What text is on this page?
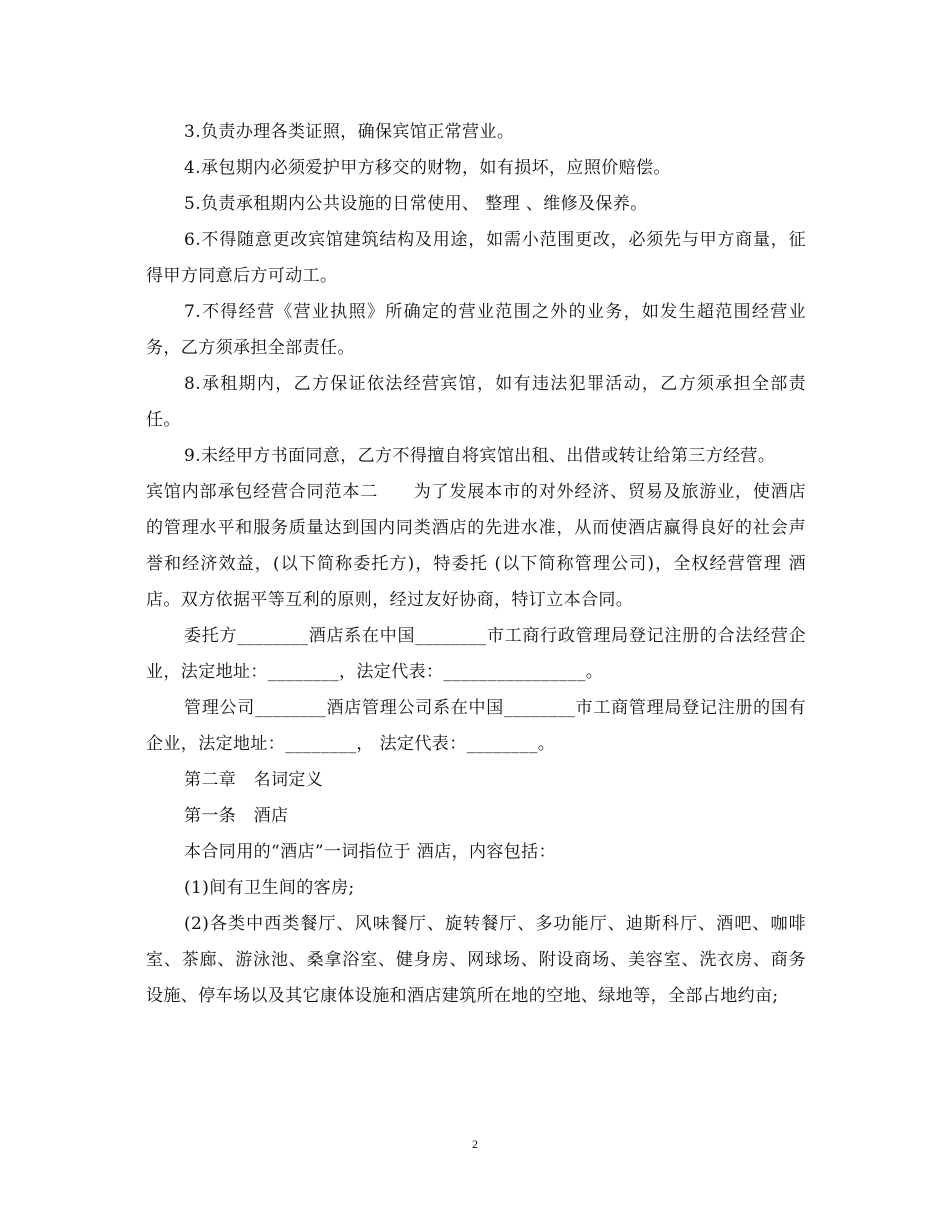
3.负责办理各类证照，确保宾馆正常营业。

4.承包期内必须爱护甲方移交的财物，如有损坏，应照价赔偿。

5.负责承租期内公共设施的日常使用、 整理 、维修及保养。

6.不得随意更改宾馆建筑结构及用途，如需小范围更改，必须先与甲方商量，征得甲方同意后方可动工。

7.不得经营《营业执照》所确定的营业范围之外的业务，如发生超范围经营业务，乙方须承担全部责任。

8.承租期内，乙方保证依法经营宾馆，如有违法犯罪活动，乙方须承担全部责任。

9.未经甲方书面同意，乙方不得擅自将宾馆出租、出借或转让给第三方经营。

宾馆内部承包经营合同范本二　　为了发展本市的对外经济、贸易及旅游业，使酒店的管理水平和服务质量达到国内同类酒店的先进水准，从而使酒店赢得良好的社会声誉和经济效益，(以下简称委托方)，特委托 (以下简称管理公司)，全权经营管理 酒店。双方依据平等互利的原则，经过友好协商，特订立本合同。

委托方________酒店系在中国________市工商行政管理局登记注册的合法经营企业，法定地址：________，法定代表：________________。

管理公司________酒店管理公司系在中国________市工商管理局登记注册的国有企业，法定地址：________， 法定代表：________。

第二章　名词定义

第一条　酒店

本合同用的“酒店”一词指位于 酒店，内容包括：

(1)间有卫生间的客房;

(2)各类中西类餐厅、风味餐厅、旋转餐厅、多功能厅、迪斯科厅、酒吧、咖啡室、茶廊、游泳池、桑拿浴室、健身房、网球场、附设商场、美容室、洗衣房、商务设施、停车场以及其它康体设施和酒店建筑所在地的空地、绿地等，全部占地约亩;

2
